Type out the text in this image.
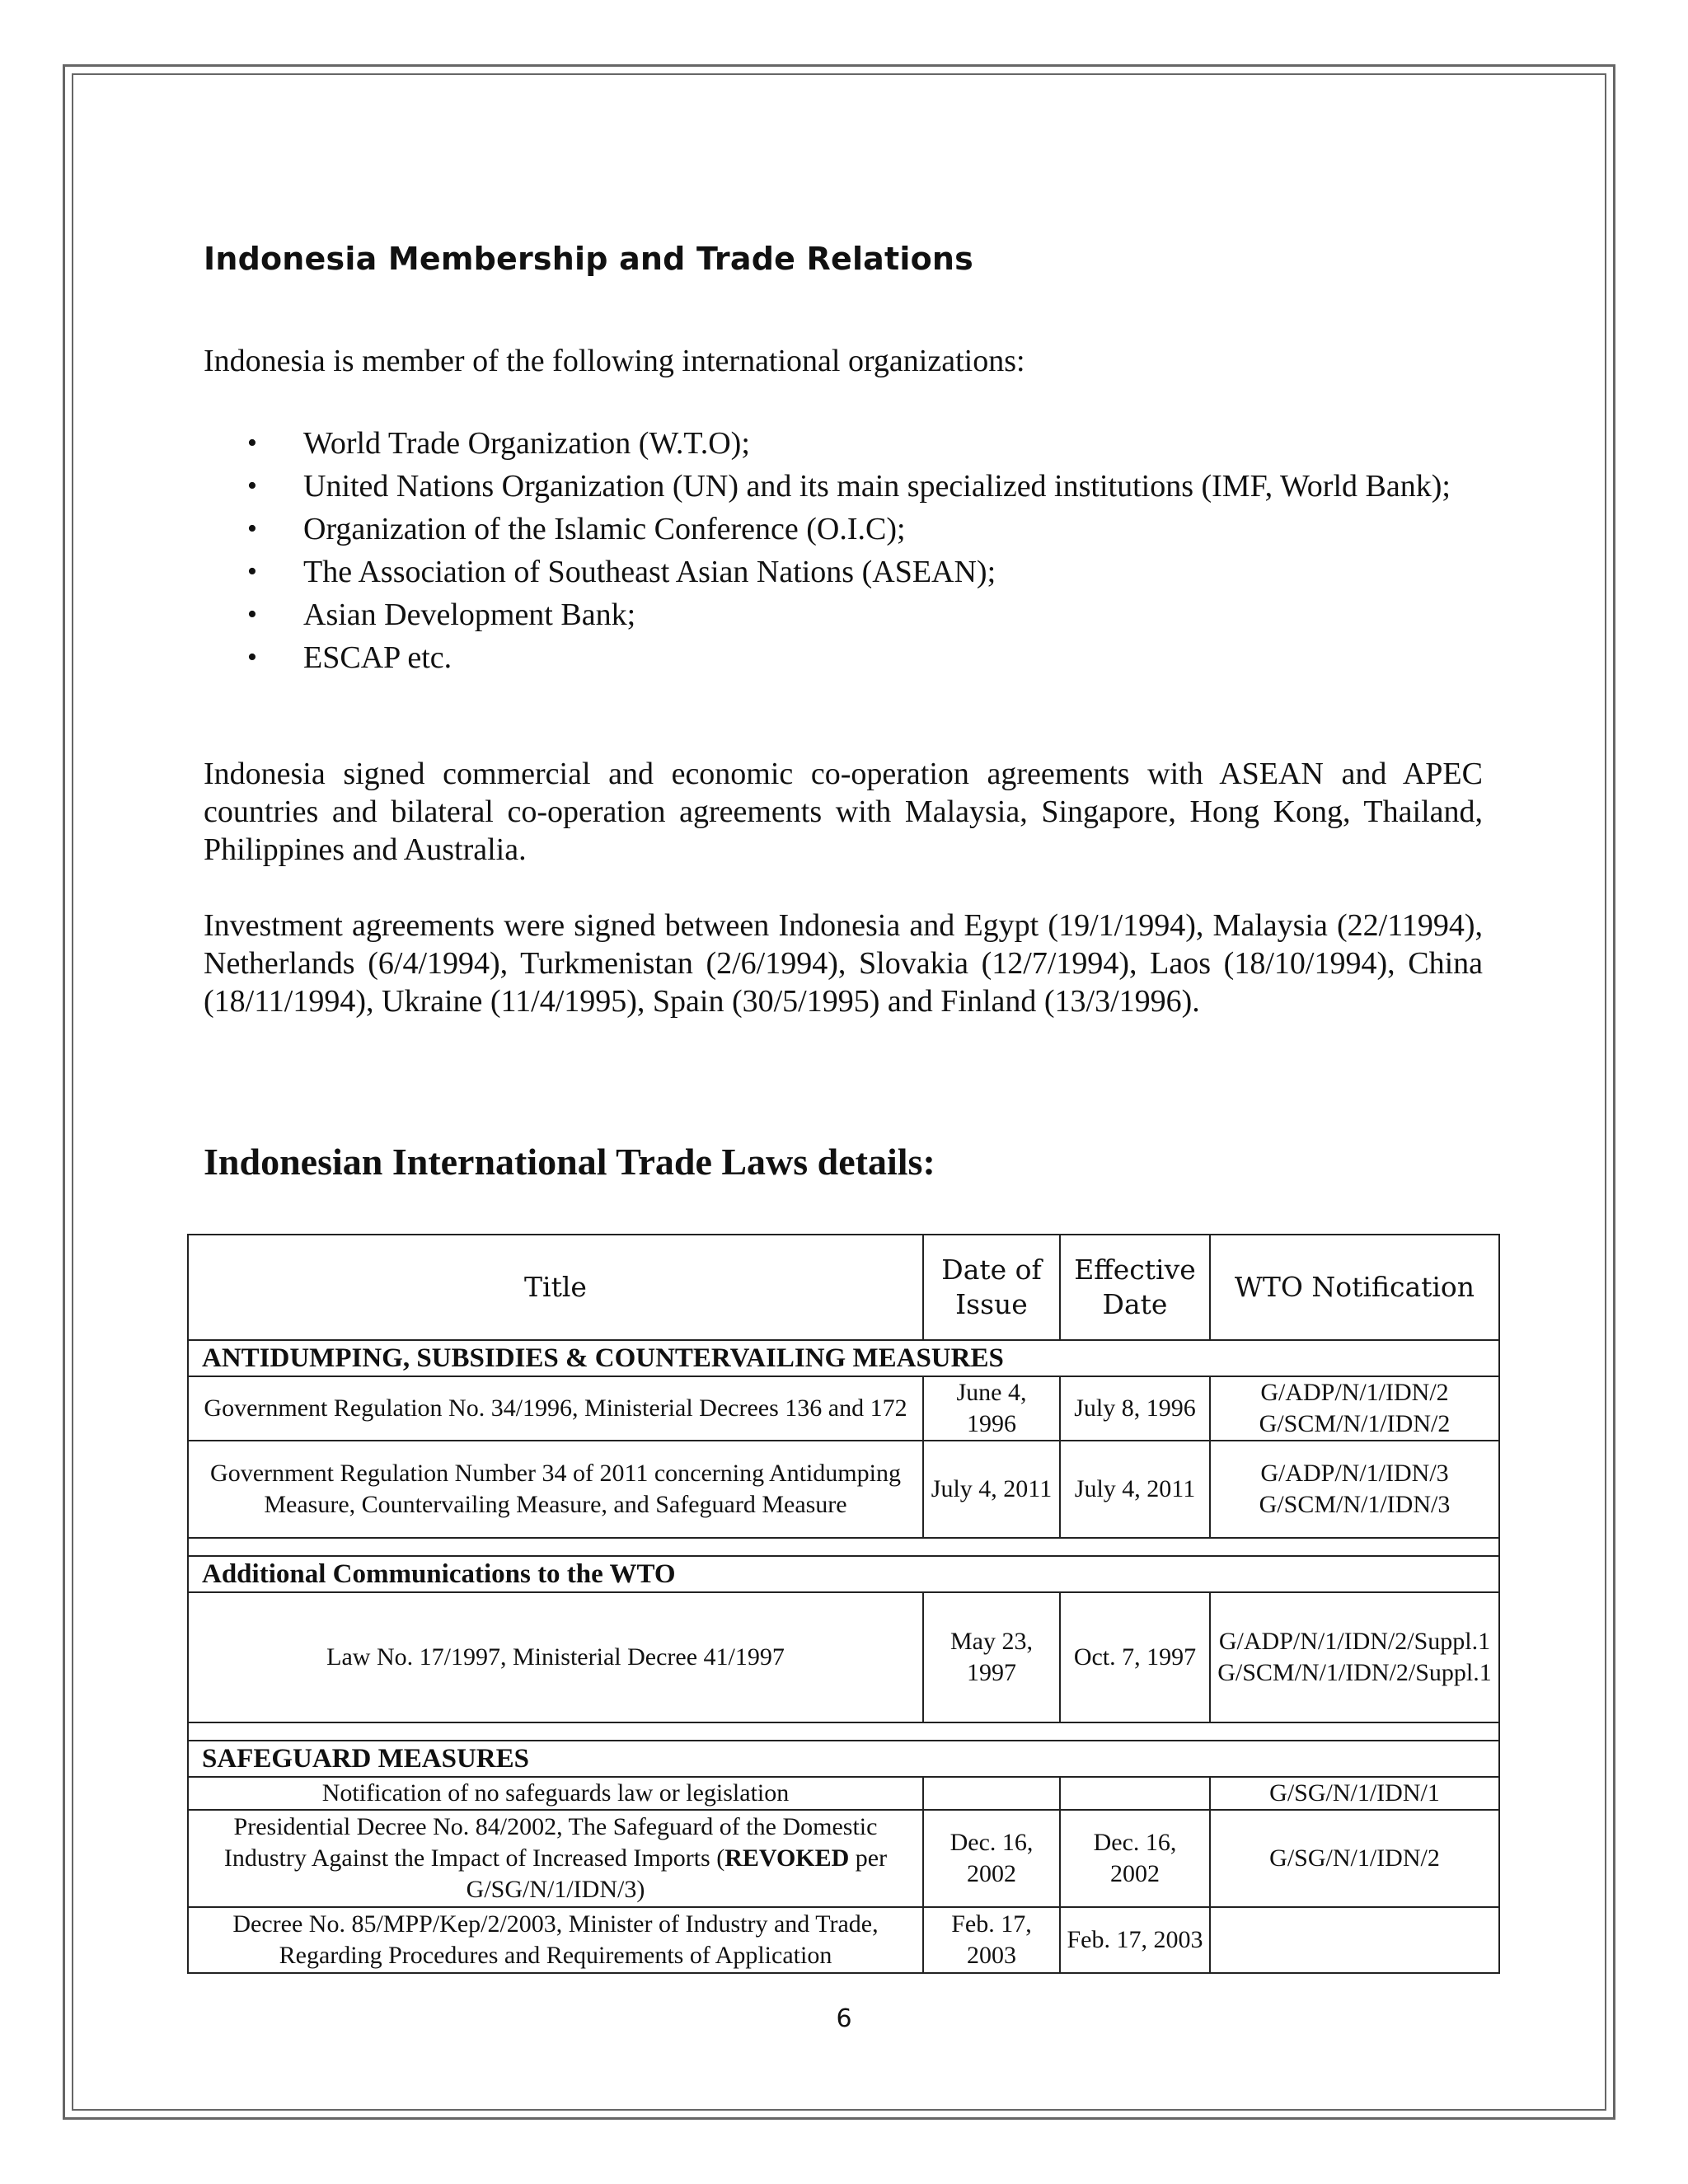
Indonesia Membership and Trade Relations

Indonesia is member of the following international organizations:

• World Trade Organization (W.T.O);
• United Nations Organization (UN) and its main specialized institutions (IMF, World Bank);
• Organization of the Islamic Conference (O.I.C);
• The Association of Southeast Asian Nations (ASEAN);
• Asian Development Bank;
• ESCAP etc.

Indonesia signed commercial and economic co-operation agreements with ASEAN and APEC countries and bilateral co-operation agreements with Malaysia, Singapore, Hong Kong, Thailand, Philippines and Australia.

Investment agreements were signed between Indonesia and Egypt (19/1/1994), Malaysia (22/11994), Netherlands (6/4/1994), Turkmenistan (2/6/1994), Slovakia (12/7/1994), Laos (18/10/1994), China (18/11/1994), Ukraine (11/4/1995), Spain (30/5/1995) and Finland (13/3/1996).

Indonesian International Trade Laws details:
Title	Date of Issue	Effective Date	WTO Notification
ANTIDUMPING, SUBSIDIES & COUNTERVAILING MEASURES			
Government Regulation No. 34/1996, Ministerial Decrees 136 and 172	June 4, 1996	July 8, 1996	G/ADP/N/1/IDN/2 G/SCM/N/1/IDN/2
Government Regulation Number 34 of 2011 concerning Antidumping Measure, Countervailing Measure, and Safeguard Measure	July 4, 2011	July 4, 2011	G/ADP/N/1/IDN/3 G/SCM/N/1/IDN/3

Additional Communications to the WTO			
Law No. 17/1997, Ministerial Decree 41/1997	May 23, 1997	Oct. 7, 1997	G/ADP/N/1/IDN/2/Suppl.1 G/SCM/N/1/IDN/2/Suppl.1

SAFEGUARD MEASURES			
Notification of no safeguards law or legislation			G/SG/N/1/IDN/1
Presidential Decree No. 84/2002, The Safeguard of the Domestic Industry Against the Impact of Increased Imports (REVOKED per G/SG/N/1/IDN/3)	Dec. 16, 2002	Dec. 16, 2002	G/SG/N/1/IDN/2
Decree No. 85/MPP/Kep/2/2003, Minister of Industry and Trade, Regarding Procedures and Requirements of Application	Feb. 17, 2003	Feb. 17, 2003	
6
